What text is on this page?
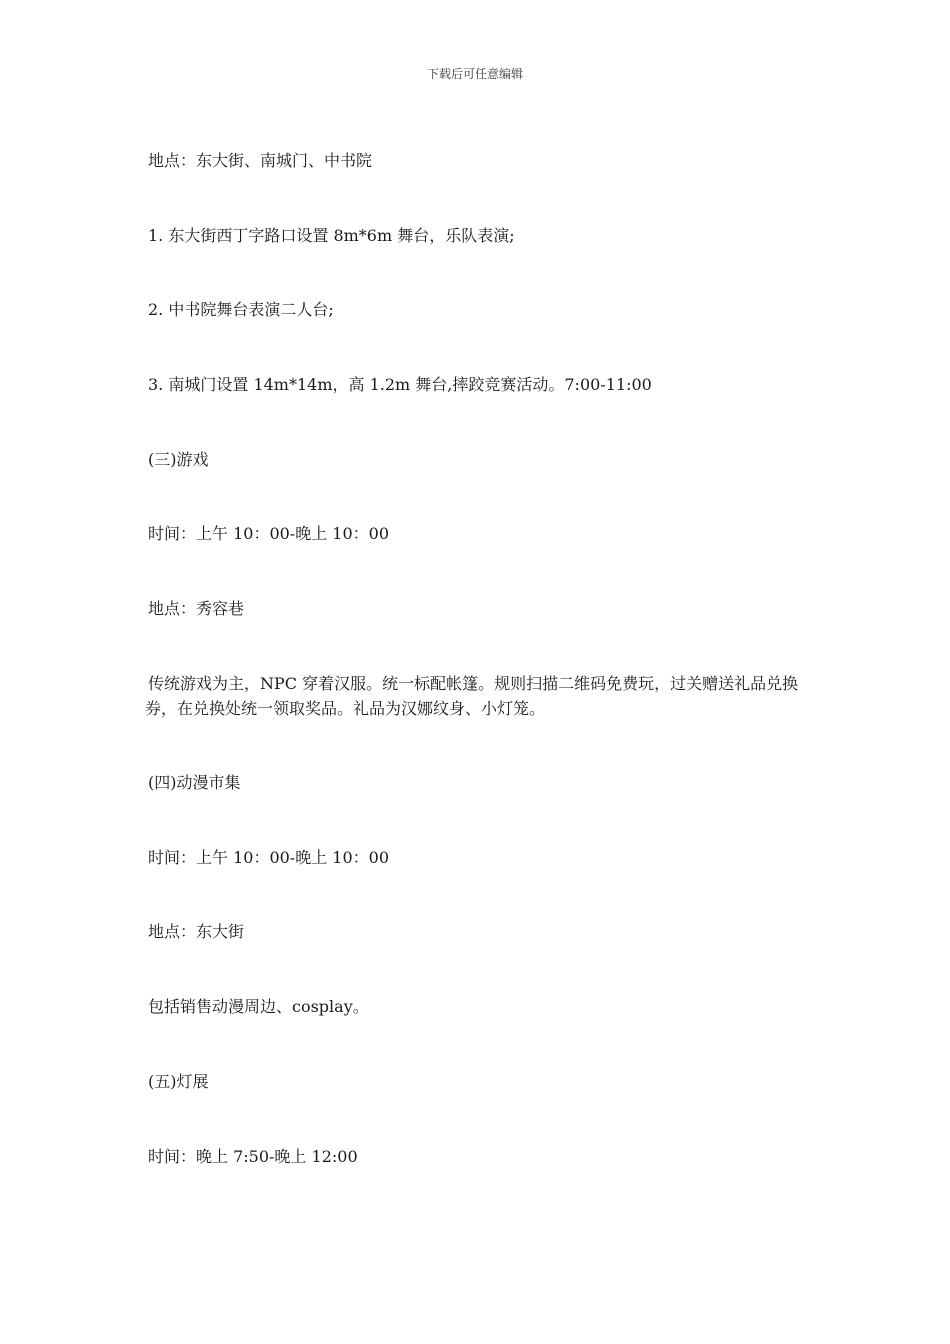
下载后可任意编辑
地点：东大街、南城门、中书院
1. 东大街西丁字路口设置 8m*6m 舞台，乐队表演;
2. 中书院舞台表演二人台;
3. 南城门设置 14m*14m，高 1.2m 舞台,摔跤竞赛活动。7:00-11:00
(三)游戏
时间：上午 10：00-晚上 10：00
地点：秀容巷
传统游戏为主，NPC 穿着汉服。统一标配帐篷。规则扫描二维码免费玩，过关赠送礼品兑换券，在兑换处统一领取奖品。礼品为汉娜纹身、小灯笼。
(四)动漫市集
时间：上午 10：00-晚上 10：00
地点：东大街
包括销售动漫周边、cosplay。
(五)灯展
时间：晚上 7:50-晚上 12:00
